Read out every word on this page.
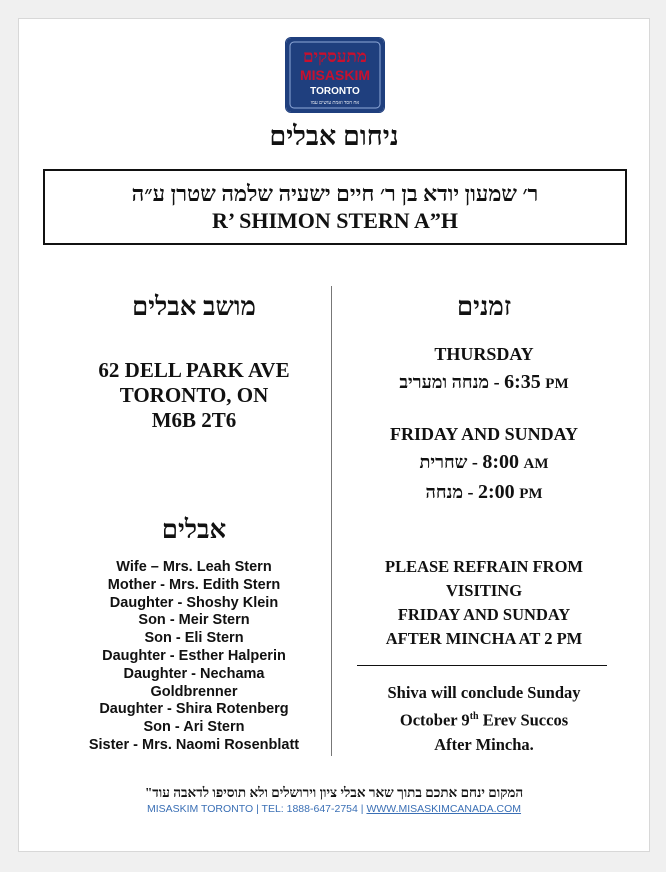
מתעסקים
MISASKIM
TORONTO
אח חסד ואמת עושים עמו
ניחום אבלים
ר׳ שמעון יודא בן ר׳ חיים ישעיה שלמה שטרן ע״ה
R’ SHIMON STERN A”H
מושב אבלים
62 DELL PARK AVE
TORONTO, ON
M6B 2T6
אבלים
Wife – Mrs. Leah Stern
Mother - Mrs. Edith Stern
Daughter - Shoshy Klein
Son - Meir Stern
Son - Eli Stern
Daughter - Esther Halperin
Daughter - Nechama
Goldbrenner
Daughter - Shira Rotenberg
Son - Ari Stern
Sister - Mrs. Naomi Rosenblatt
זמנים
THURSDAY
מנחה ומעריב - 6:35 PM
FRIDAY AND SUNDAY
שחרית - 8:00 AM
מנחה - 2:00 PM
PLEASE REFRAIN FROM
VISITING
FRIDAY AND SUNDAY
AFTER MINCHA AT 2 PM
Shiva will conclude Sunday
October 9th Erev Succos
After Mincha.
המקום ינחם אתכם בתוך שאר אבלי ציון וירושלים ולא תוסיפו לדאבה עוד"
MISASKIM TORONTO | TEL: 1888-647-2754 | WWW.MISASKIMCANADA.COM
